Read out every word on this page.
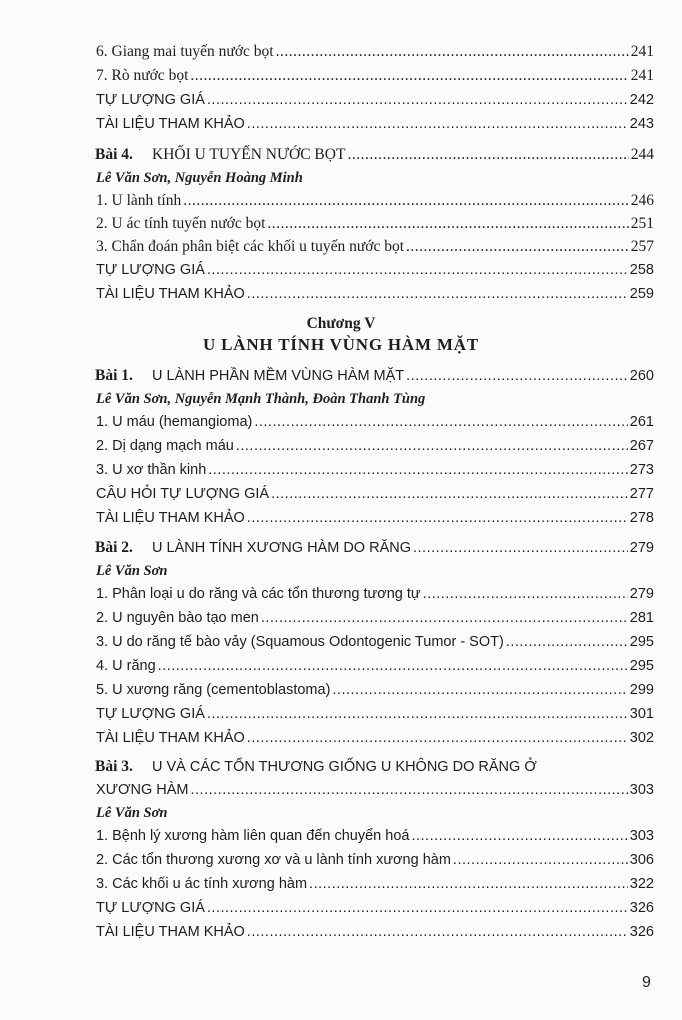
6. Giang mai tuyến nước bọt .....	241
7. Rò nước bọt .....	241
TỰ LƯỢNG GIÁ .....	242
TÀI LIỆU THAM KHẢO .....	243
Bài 4. KHỐI U TUYẾN NƯỚC BỌT .....	244
Lê Văn Sơn, Nguyễn Hoàng Minh
1. U lành tính .....	246
2. U ác tính tuyến nước bọt .....	251
3. Chẩn đoán phân biệt các khối u tuyến nước bọt .....	257
TỰ LƯỢNG GIÁ .....	258
TÀI LIỆU THAM KHẢO .....	259
Chương V
U LÀNH TÍNH VÙNG HÀM MẶT
Bài 1. U LÀNH PHẦN MỀM VÙNG HÀM MẶT .....	260
Lê Văn Sơn, Nguyễn Mạnh Thành, Đoàn Thanh Tùng
1. U máu (hemangioma) .....	261
2. Dị dạng mạch máu .....	267
3. U xơ thần kinh .....	273
CÂU HỎI TỰ LƯỢNG GIÁ .....	277
TÀI LIỆU THAM KHẢO .....	278
Bài 2. U LÀNH TÍNH XƯƠNG HÀM DO RĂNG .....	279
Lê Văn Sơn
1. Phân loại u do răng và các tổn thương tương tự .....	279
2. U nguyên bào tạo men .....	281
3. U do răng tế bào vảy (Squamous Odontogenic Tumor - SOT) .....	295
4. U răng .....	295
5. U xương răng (cementoblastoma) .....	299
TỰ LƯỢNG GIÁ .....	301
TÀI LIỆU THAM KHẢO .....	302
Bài 3. U VÀ CÁC TỔN THƯƠNG GIỐNG U KHÔNG DO RĂNG Ở
XƯƠNG HÀM .....	303
Lê Văn Sơn
1. Bệnh lý xương hàm liên quan đến chuyển hoá .....	303
2. Các tổn thương xương xơ và u lành tính xương hàm .....	306
3. Các khối u ác tính xương hàm .....	322
TỰ LƯỢNG GIÁ .....	326
TÀI LIỆU THAM KHẢO .....	326
9
